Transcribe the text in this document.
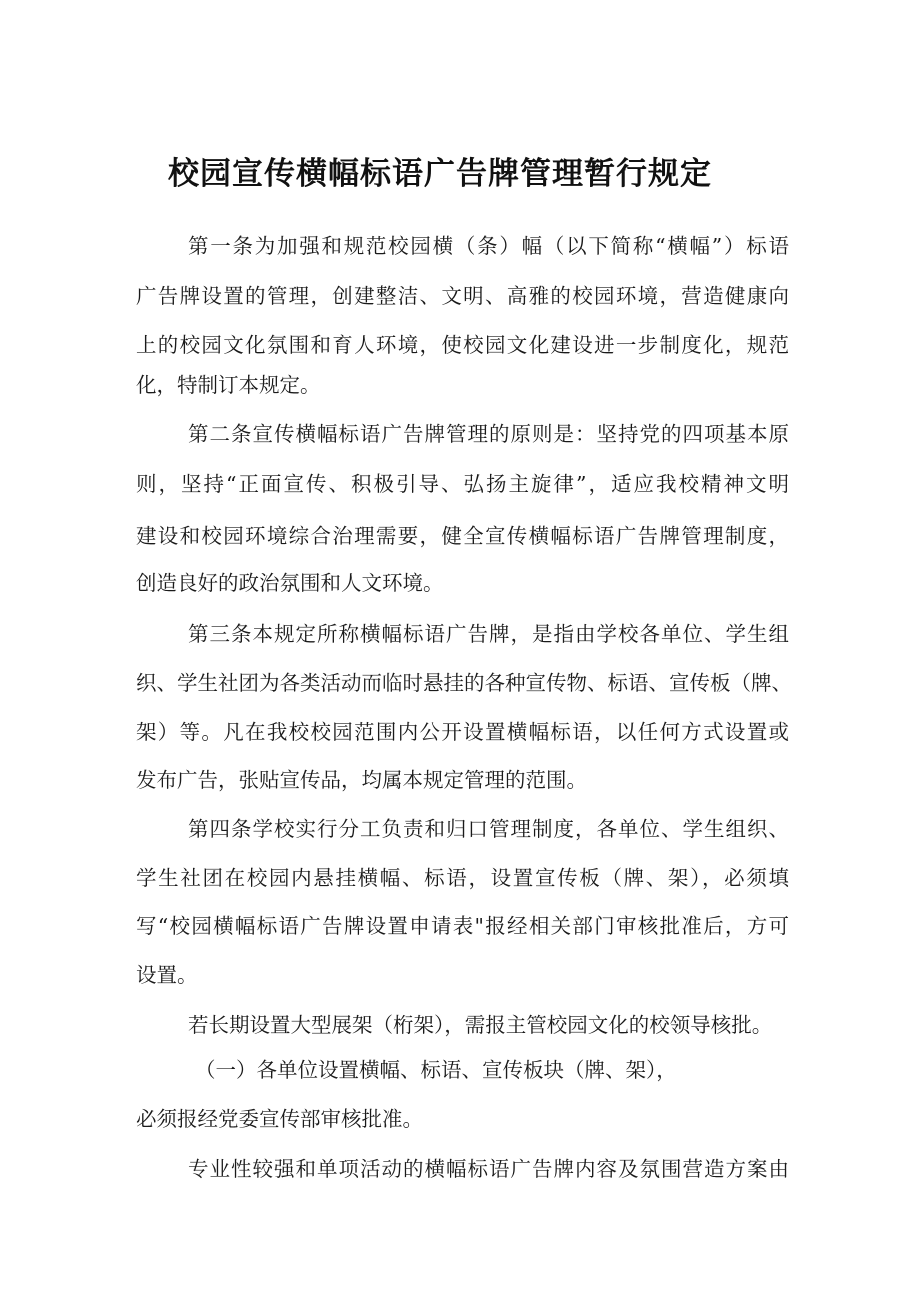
校园宣传横幅标语广告牌管理暂行规定
第一条为加强和规范校园横（条）幅（以下简称“横幅”）标语
广告牌设置的管理，创建整洁、文明、高雅的校园环境，营造健康向
上的校园文化氛围和育人环境，使校园文化建设进一步制度化，规范
化，特制订本规定。
第二条宣传横幅标语广告牌管理的原则是：坚持党的四项基本原
则，坚持“正面宣传、积极引导、弘扬主旋律”，适应我校精神文明
建设和校园环境综合治理需要，健全宣传横幅标语广告牌管理制度，
创造良好的政治氛围和人文环境。
第三条本规定所称横幅标语广告牌，是指由学校各单位、学生组
织、学生社团为各类活动而临时悬挂的各种宣传物、标语、宣传板（牌、
架）等。凡在我校校园范围内公开设置横幅标语，以任何方式设置或
发布广告，张贴宣传品，均属本规定管理的范围。
第四条学校实行分工负责和归口管理制度，各单位、学生组织、
学生社团在校园内悬挂横幅、标语，设置宣传板（牌、架），必须填
写“校园横幅标语广告牌设置申请表"报经相关部门审核批准后，方可
设置。
若长期设置大型展架（桁架），需报主管校园文化的校领导核批。
（一）各单位设置横幅、标语、宣传板块（牌、架），
必须报经党委宣传部审核批准。
专业性较强和单项活动的横幅标语广告牌内容及氛围营造方案由
